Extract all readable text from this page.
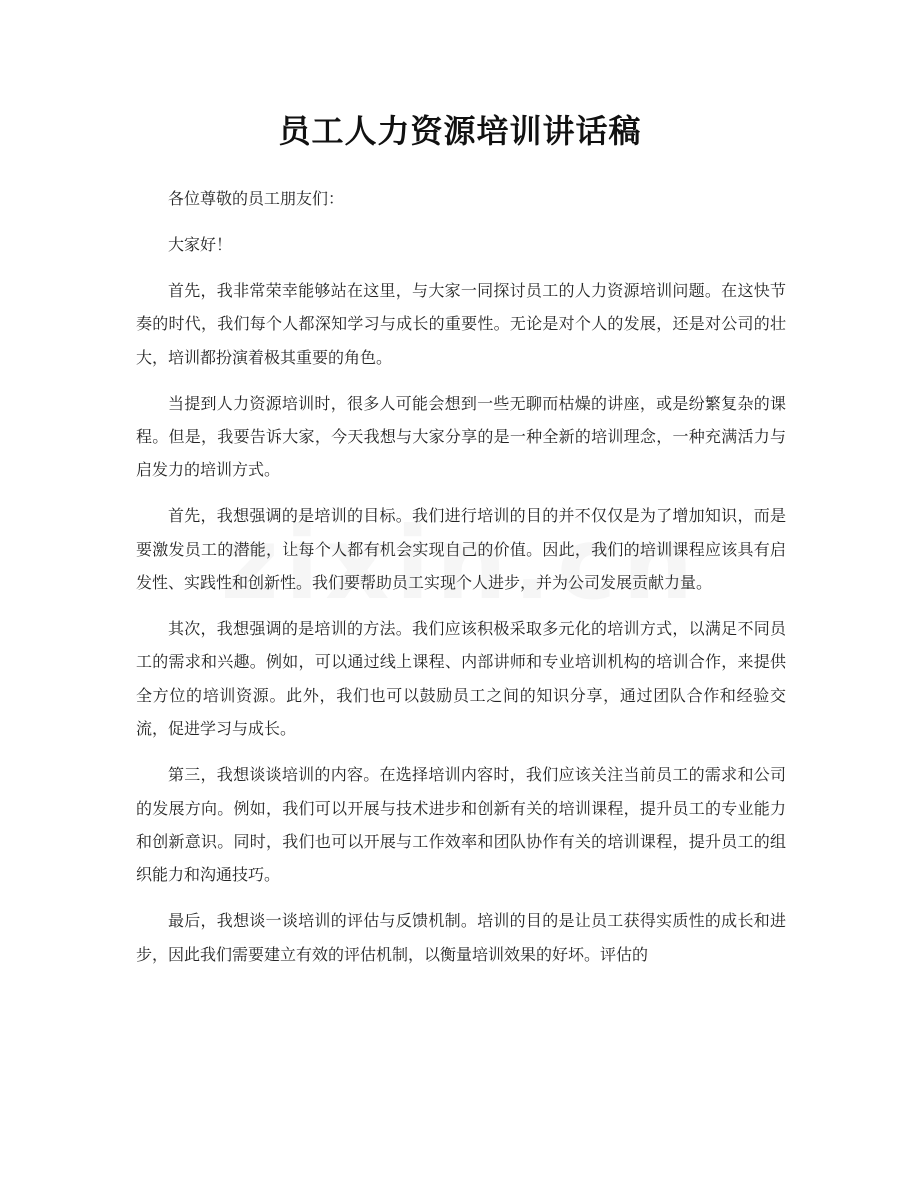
员工人力资源培训讲话稿

各位尊敬的员工朋友们：

大家好！

首先，我非常荣幸能够站在这里，与大家一同探讨员工的人力资源培训问题。在这快节奏的时代，我们每个人都深知学习与成长的重要性。无论是对个人的发展，还是对公司的壮大，培训都扮演着极其重要的角色。

当提到人力资源培训时，很多人可能会想到一些无聊而枯燥的讲座，或是纷繁复杂的课程。但是，我要告诉大家，今天我想与大家分享的是一种全新的培训理念，一种充满活力与启发力的培训方式。

首先，我想强调的是培训的目标。我们进行培训的目的并不仅仅是为了增加知识，而是要激发员工的潜能，让每个人都有机会实现自己的价值。因此，我们的培训课程应该具有启发性、实践性和创新性。我们要帮助员工实现个人进步，并为公司发展贡献力量。

其次，我想强调的是培训的方法。我们应该积极采取多元化的培训方式，以满足不同员工的需求和兴趣。例如，可以通过线上课程、内部讲师和专业培训机构的培训合作，来提供全方位的培训资源。此外，我们也可以鼓励员工之间的知识分享，通过团队合作和经验交流，促进学习与成长。

第三，我想谈谈培训的内容。在选择培训内容时，我们应该关注当前员工的需求和公司的发展方向。例如，我们可以开展与技术进步和创新有关的培训课程，提升员工的专业能力和创新意识。同时，我们也可以开展与工作效率和团队协作有关的培训课程，提升员工的组织能力和沟通技巧。

最后，我想谈一谈培训的评估与反馈机制。培训的目的是让员工获得实质性的成长和进步，因此我们需要建立有效的评估机制，以衡量培训效果的好坏。评估的
